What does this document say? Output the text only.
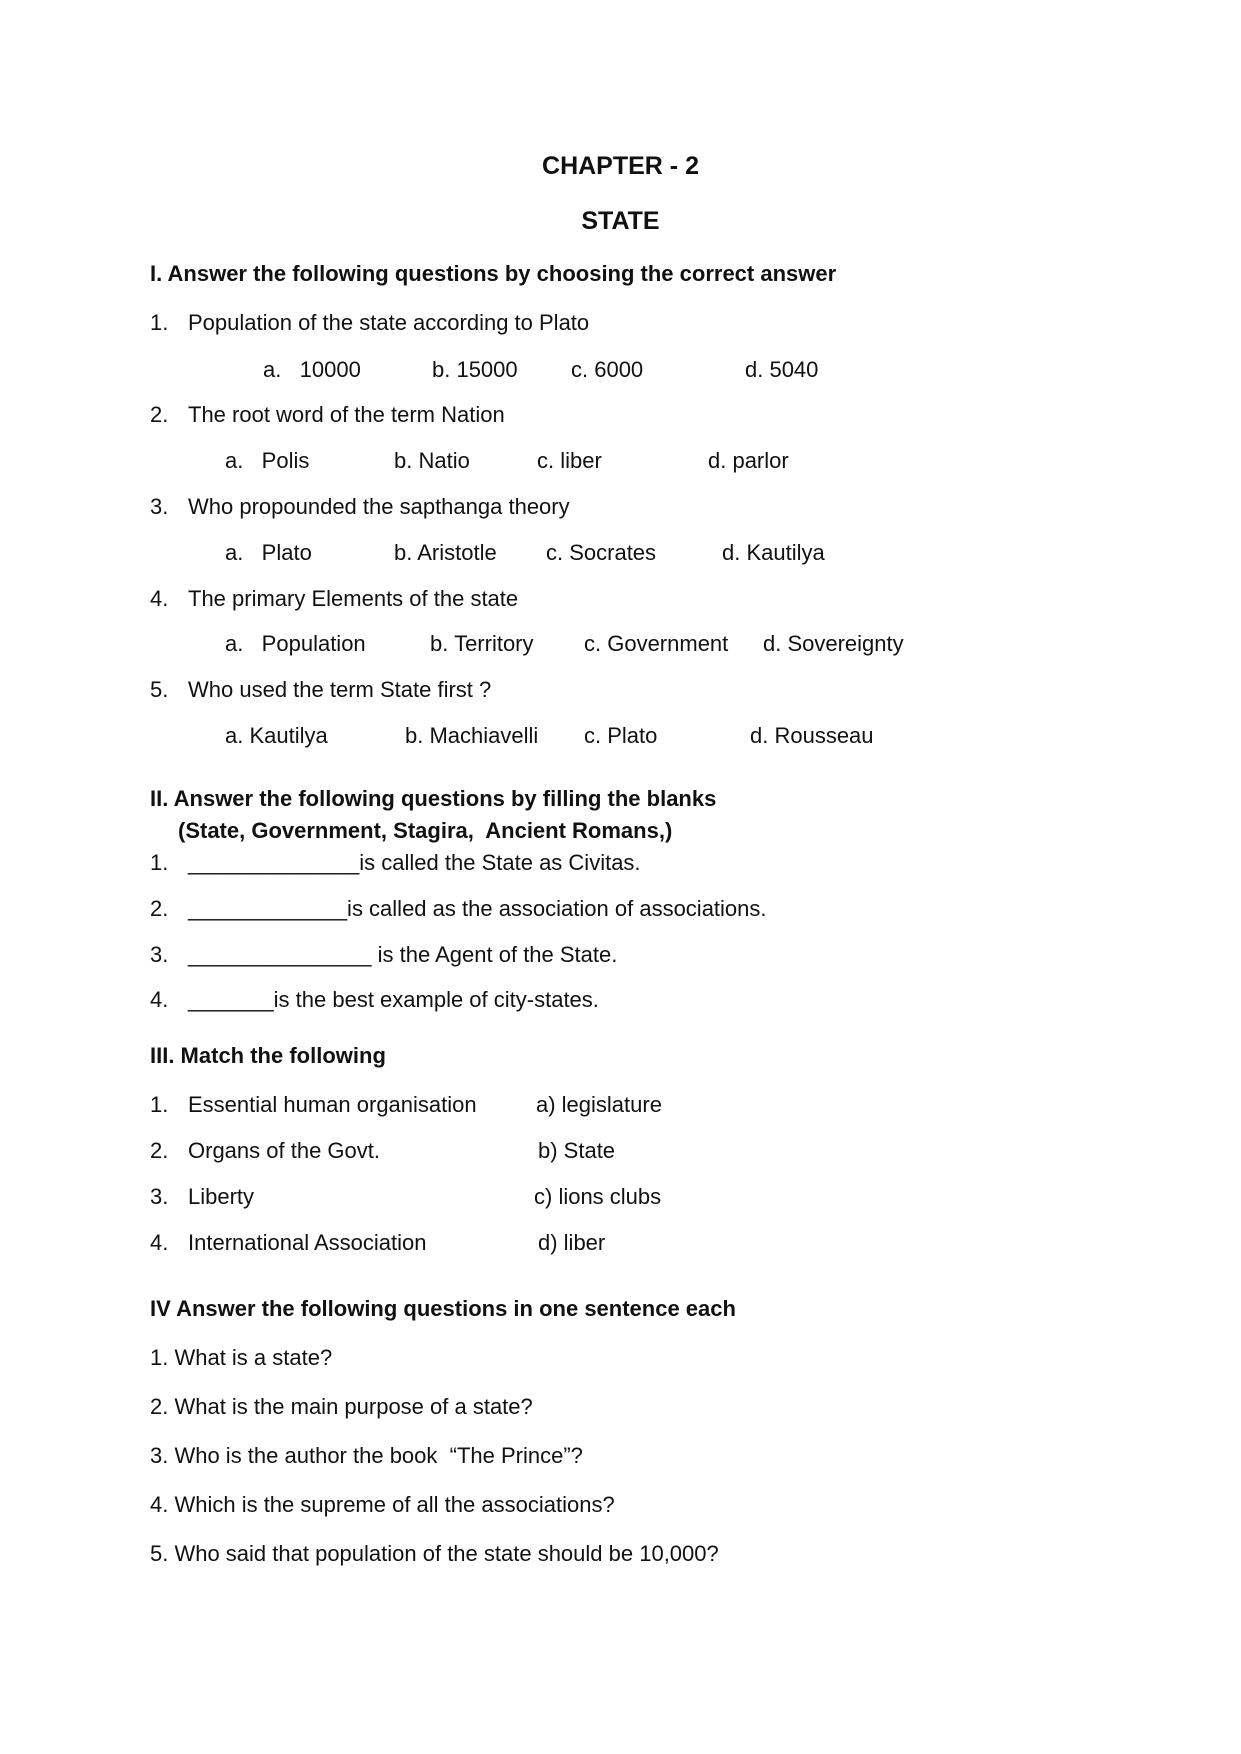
CHAPTER - 2
STATE
I. Answer the following questions by choosing the correct answer
1. Population of the state according to Plato
a.   10000	b. 15000 c. 6000	d. 5040
2. The root word of the term Nation
a.   Polis	b. Natio	c. liber	d. parlor
3. Who propounded the sapthanga theory
a.   Plato	b. Aristotle c. Socrates	d. Kautilya
4. The primary Elements of the state
a.   Population	b. Territory c. Government d. Sovereignty
5. Who used the term State first ?
a. Kautilya	b. Machiavelli c. Plato	d. Rousseau
II. Answer the following questions by filling the blanks
(State, Government, Stagira,  Ancient Romans,)
1. ______________is called the State as Civitas.
2. _____________is called as the association of associations.
3. _______________ is the Agent of the State.
4. _______is the best example of city-states.
III. Match the following
1. Essential human organisation	a) legislature
2. Organs of the Govt.	b) State
3. Liberty	c) lions clubs
4. International Association	d) liber
IV Answer the following questions in one sentence each
1. What is a state?
2. What is the main purpose of a state?
3. Who is the author the book  “The Prince”?
4. Which is the supreme of all the associations?
5. Who said that population of the state should be 10,000?
